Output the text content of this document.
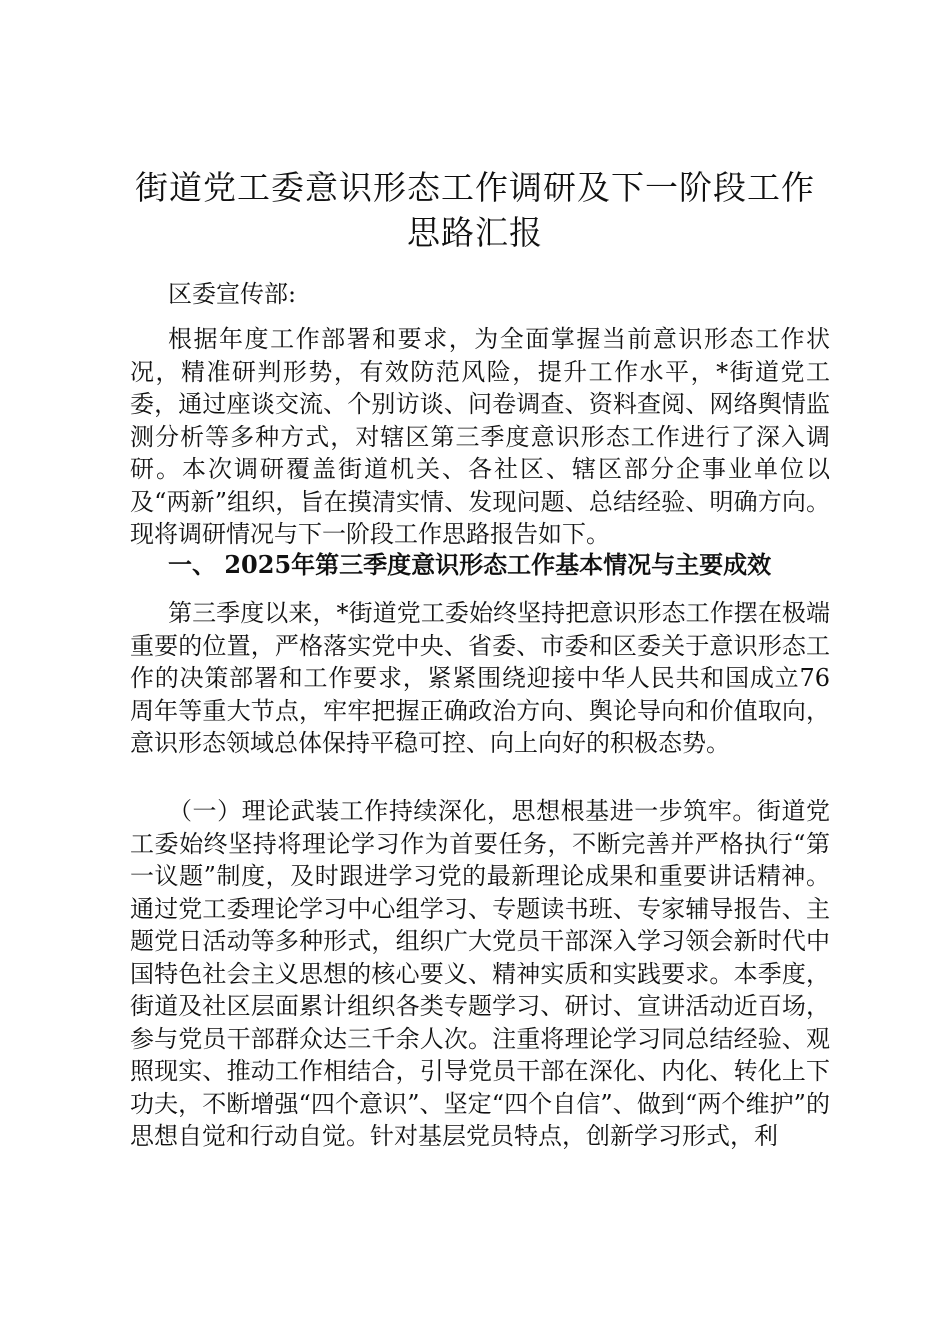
街道党工委意识形态工作调研及下一阶段工作
思路汇报
区委宣传部:
根据年度工作部署和要求，为全面掌握当前意识形态工作状况，精准研判形势，有效防范风险，提升工作水平，*街道党工委，通过座谈交流、个别访谈、问卷调查、资料查阅、网络舆情监测分析等多种方式，对辖区第三季度意识形态工作进行了深入调研。本次调研覆盖街道机关、各社区、辖区部分企事业单位以及“两新”组织，旨在摸清实情、发现问题、总结经验、明确方向。现将调研情况与下一阶段工作思路报告如下。
一、 2025年第三季度意识形态工作基本情况与主要成效
第三季度以来，*街道党工委始终坚持把意识形态工作摆在极端重要的位置，严格落实党中央、省委、市委和区委关于意识形态工作的决策部署和工作要求，紧紧围绕迎接中华人民共和国成立76周年等重大节点，牢牢把握正确政治方向、舆论导向和价值取向，意识形态领域总体保持平稳可控、向上向好的积极态势。
（一）理论武装工作持续深化，思想根基进一步筑牢。街道党工委始终坚持将理论学习作为首要任务，不断完善并严格执行“第一议题”制度，及时跟进学习党的最新理论成果和重要讲话精神。通过党工委理论学习中心组学习、专题读书班、专家辅导报告、主题党日活动等多种形式，组织广大党员干部深入学习领会新时代中国特色社会主义思想的核心要义、精神实质和实践要求。本季度，街道及社区层面累计组织各类专题学习、研讨、宣讲活动近百场，参与党员干部群众达三千余人次。注重将理论学习同总结经验、观照现实、推动工作相结合，引导党员干部在深化、内化、转化上下功夫，不断增强“四个意识”、坚定“四个自信”、做到“两个维护”的思想自觉和行动自觉。针对基层党员特点，创新学习形式，利
